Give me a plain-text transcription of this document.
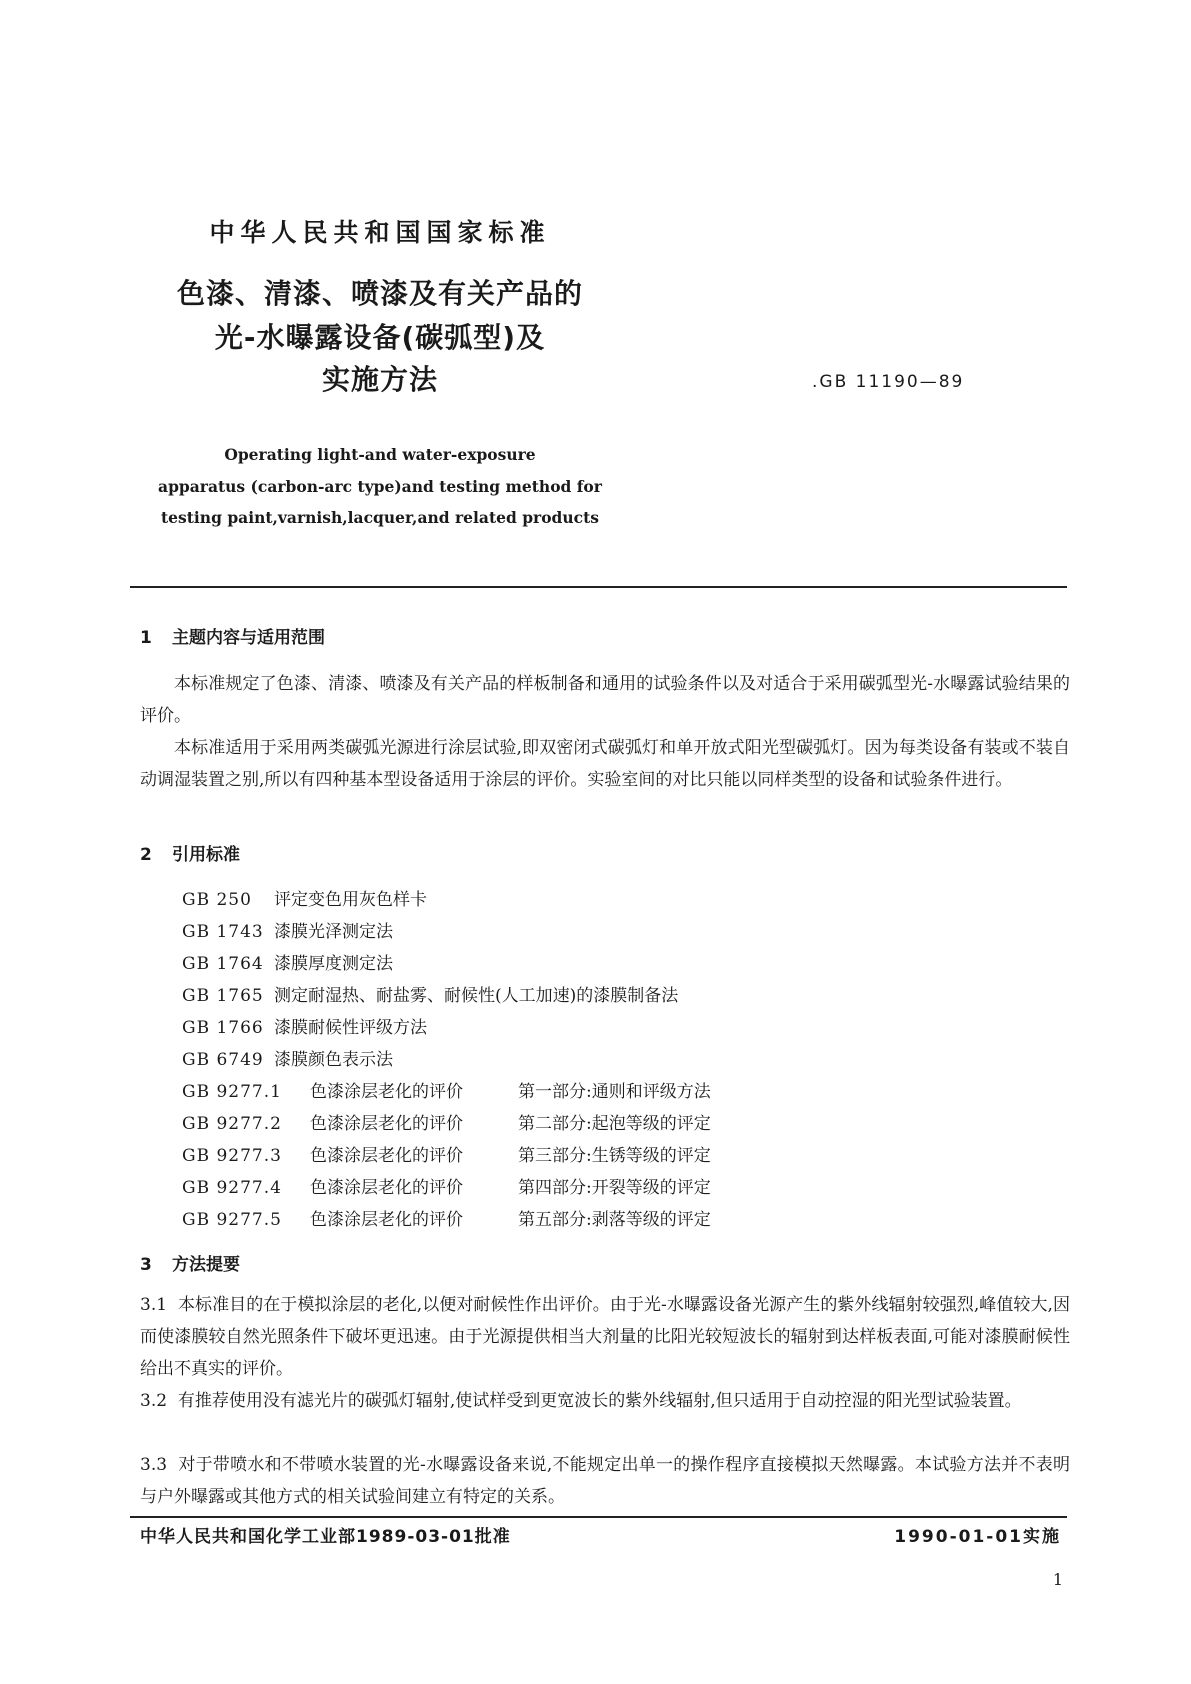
中华人民共和国国家标准
色漆、清漆、喷漆及有关产品的
光-水曝露设备(碳弧型)及
实施方法	.GB 11190—89
Operating light-and water-exposure
apparatus (carbon-arc type)and testing method for
testing paint,varnish,lacquer,and related products
1 主题内容与适用范围
本标准规定了色漆、清漆、喷漆及有关产品的样板制备和通用的试验条件以及对适合于采用碳弧型光-水曝露试验结果的评价。
本标准适用于采用两类碳弧光源进行涂层试验,即双密闭式碳弧灯和单开放式阳光型碳弧灯。因为每类设备有装或不装自动调湿装置之别,所以有四种基本型设备适用于涂层的评价。实验室间的对比只能以同样类型的设备和试验条件进行。
2 引用标准
GB 250 评定变色用灰色样卡
GB 1743 漆膜光泽测定法
GB 1764 漆膜厚度测定法
GB 1765 测定耐湿热、耐盐雾、耐候性(人工加速)的漆膜制备法
GB 1766 漆膜耐候性评级方法
GB 6749 漆膜颜色表示法
GB 9277.1 色漆涂层老化的评价	第一部分:通则和评级方法
GB 9277.2 色漆涂层老化的评价	第二部分:起泡等级的评定
GB 9277.3 色漆涂层老化的评价	第三部分:生锈等级的评定
GB 9277.4 色漆涂层老化的评价	第四部分:开裂等级的评定
GB 9277.5 色漆涂层老化的评价	第五部分:剥落等级的评定
3 方法提要
3.1 本标准目的在于模拟涂层的老化,以便对耐候性作出评价。由于光-水曝露设备光源产生的紫外线辐射较强烈,峰值较大,因而使漆膜较自然光照条件下破坏更迅速。由于光源提供相当大剂量的比阳光较短波长的辐射到达样板表面,可能对漆膜耐候性给出不真实的评价。
3.2 有推荐使用没有滤光片的碳弧灯辐射,使试样受到更宽波长的紫外线辐射,但只适用于自动控湿的阳光型试验装置。
3.3 对于带喷水和不带喷水装置的光-水曝露设备来说,不能规定出单一的操作程序直接模拟天然曝露。本试验方法并不表明与户外曝露或其他方式的相关试验间建立有特定的关系。
中华人民共和国化学工业部1989-03-01批准	1990-01-01实施
1
